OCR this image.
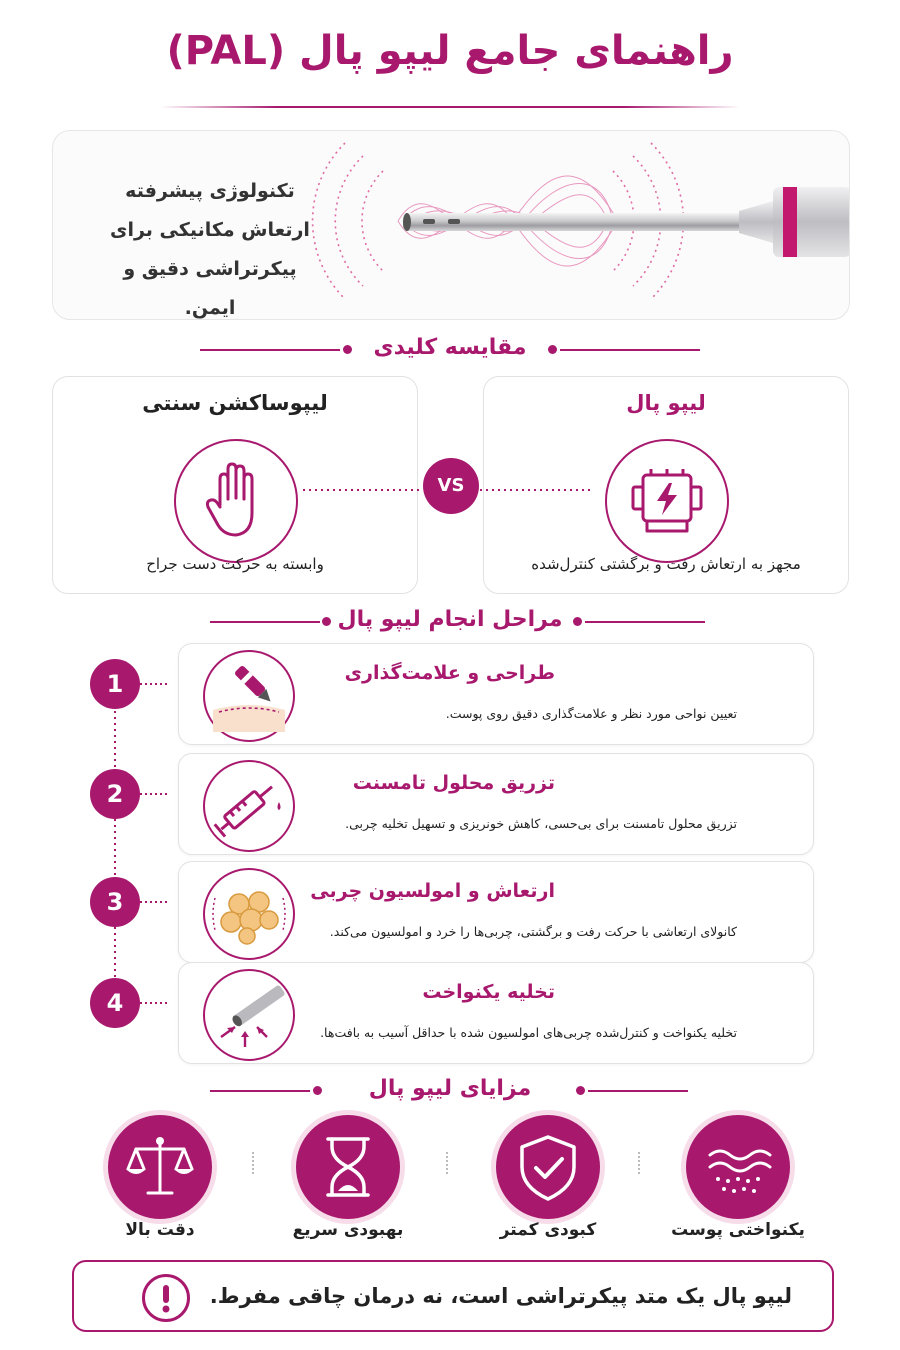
راهنمای جامع لیپو پال (PAL)
تکنولوژی پیشرفته
ارتعاش مکانیکی برای
پیکرتراشی دقیق و ایمن.
مقایسه کلیدی
لیپوساکشن سنتی
وابسته به حرکت دست جراح
لیپو پال
مجهز به ارتعاش رفت و برگشتی کنترل‌شده
VS
مراحل انجام لیپو پال
1	طراحی و علامت‌گذاری
تعیین نواحی مورد نظر و علامت‌گذاری دقیق روی پوست.
2	تزریق محلول تامسنت
تزریق محلول تامسنت برای بی‌حسی، کاهش خونریزی و تسهیل تخلیه چربی.
3	ارتعاش و امولسیون چربی
کانولای ارتعاشی با حرکت رفت و برگشتی، چربی‌ها را خرد و امولسیون می‌کند.
4	تخلیه یکنواخت
تخلیه یکنواخت و کنترل‌شده چربی‌های امولسیون شده با حداقل آسیب به بافت‌ها.
مزایای لیپو پال
یکنواختی پوست
کبودی کمتر
بهبودی سریع
دقت بالا
لیپو پال یک متد پیکرتراشی است، نه درمان چاقی مفرط.
